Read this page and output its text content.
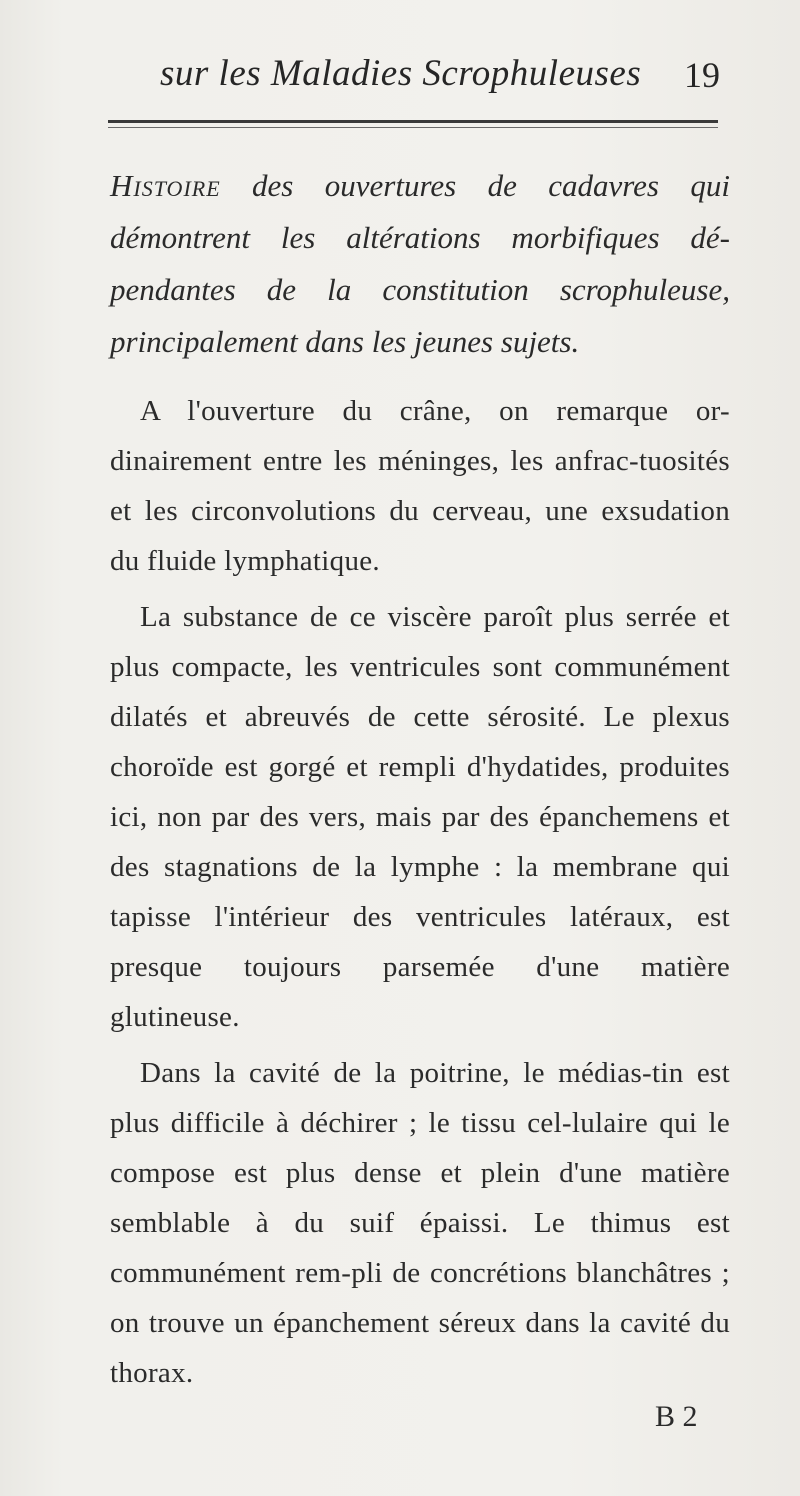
sur les Maladies Scrophuleuses 19

Histoire des ouvertures de cadavres qui démontrent les altérations morbifiques dé-pendantes de la constitution scrophuleuse, principalement dans les jeunes sujets.

A l'ouverture du crâne, on remarque or-dinairement entre les méninges, les anfrac-tuosités et les circonvolutions du cerveau, une exsudation du fluide lymphatique.

La substance de ce viscère paroît plus serrée et plus compacte, les ventricules sont communément dilatés et abreuvés de cette sérosité. Le plexus choroïde est gorgé et rempli d'hydatides, produites ici, non par des vers, mais par des épanchemens et des stagnations de la lymphe : la membrane qui tapisse l'intérieur des ventricules latéraux, est presque toujours parsemée d'une matière glutineuse.

Dans la cavité de la poitrine, le médias-tin est plus difficile à déchirer ; le tissu cel-lulaire qui le compose est plus dense et plein d'une matière semblable à du suif épaissi. Le thimus est communément rem-pli de concrétions blanchâtres ; on trouve un épanchement séreux dans la cavité du thorax.

B 2
